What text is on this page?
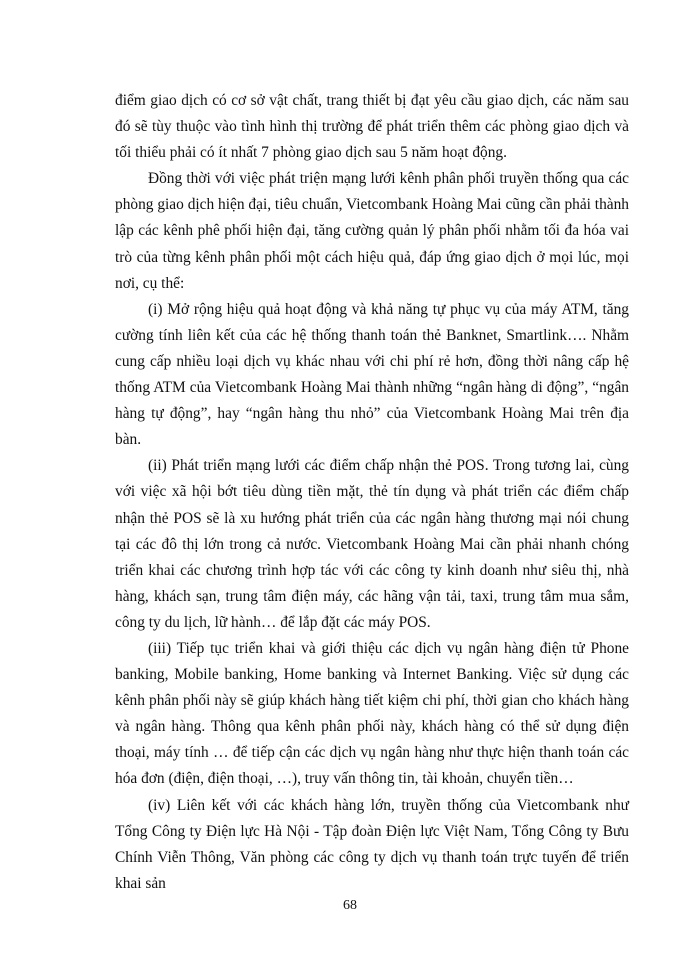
điểm giao dịch có cơ sở vật chất, trang thiết bị đạt yêu cầu giao dịch, các năm sau đó sẽ tùy thuộc vào tình hình thị trường để phát triển thêm các phòng giao dịch và tối thiểu phải có ít nhất 7 phòng giao dịch sau 5 năm hoạt động.

Đồng thời với việc phát triện mạng lưới kênh phân phối truyền thống qua các phòng giao dịch hiện đại, tiêu chuẩn, Vietcombank Hoàng Mai cũng cần phải thành lập các kênh phê phối hiện đại, tăng cường quản lý phân phối nhằm tối đa hóa vai trò của từng kênh phân phối một cách hiệu quả, đáp ứng giao dịch ở mọi lúc, mọi nơi, cụ thể:

(i) Mở rộng hiệu quả hoạt động và khả năng tự phục vụ của máy ATM, tăng cường tính liên kết của các hệ thống thanh toán thẻ Banknet, Smartlink…. Nhằm cung cấp nhiều loại dịch vụ khác nhau với chi phí rẻ hơn, đồng thời nâng cấp hệ thống ATM của Vietcombank Hoàng Mai thành những “ngân hàng di động”, “ngân hàng tự động”, hay “ngân hàng thu nhỏ” của Vietcombank Hoàng Mai trên địa bàn.

(ii) Phát triển mạng lưới các điểm chấp nhận thẻ POS. Trong tương lai, cùng với việc xã hội bớt tiêu dùng tiền mặt, thẻ tín dụng và phát triển các điểm chấp nhận thẻ POS sẽ là xu hướng phát triển của các ngân hàng thương mại nói chung tại các đô thị lớn trong cả nước. Vietcombank Hoàng Mai cần phải nhanh chóng triển khai các chương trình hợp tác với các công ty kinh doanh như siêu thị, nhà hàng, khách sạn, trung tâm điện máy, các hãng vận tải, taxi, trung tâm mua sắm, công ty du lịch, lữ hành… để lắp đặt các máy POS.

(iii) Tiếp tục triển khai và giới thiệu các dịch vụ ngân hàng điện tử Phone banking, Mobile banking, Home banking và Internet Banking. Việc sử dụng các kênh phân phối này sẽ giúp khách hàng tiết kiệm chi phí, thời gian cho khách hàng và ngân hàng. Thông qua kênh phân phối này, khách hàng có thể sử dụng điện thoại, máy tính … để tiếp cận các dịch vụ ngân hàng như thực hiện thanh toán các hóa đơn (điện, điện thoại, …), truy vấn thông tin, tài khoản, chuyển tiền…

(iv) Liên kết với các khách hàng lớn, truyền thống của Vietcombank như Tổng Công ty Điện lực Hà Nội - Tập đoàn Điện lực Việt Nam, Tổng Công ty Bưu Chính Viễn Thông, Văn phòng các công ty dịch vụ thanh toán trực tuyến để triển khai sản

68
